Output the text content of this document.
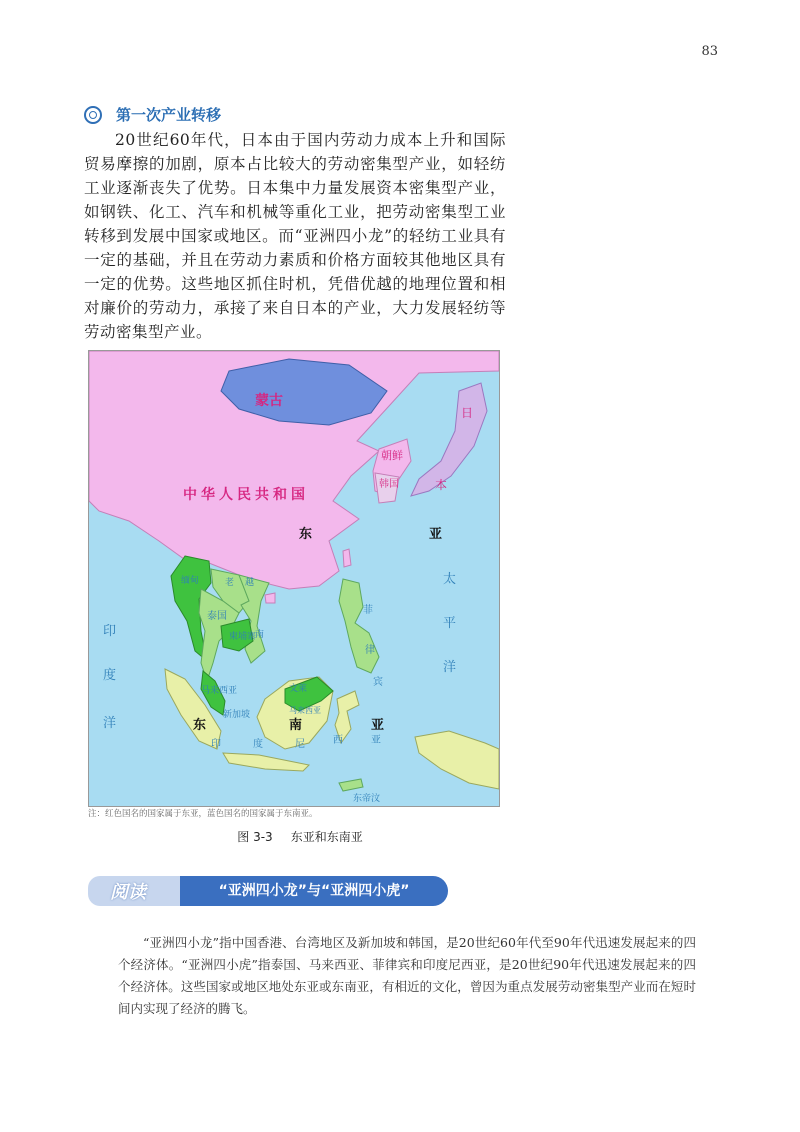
83
第一次产业转移

20世纪60年代，日本由于国内劳动力成本上升和国际贸易摩擦的加剧，原本占比较大的劳动密集型产业，如轻纺工业逐渐丧失了优势。日本集中力量发展资本密集型产业，如钢铁、化工、汽车和机械等重化工业，把劳动密集型工业转移到发展中国家或地区。而“亚洲四小龙”的轻纺工业具有一定的基础，并且在劳动力素质和价格方面较其他地区具有一定的优势。这些地区抓住时机，凭借优越的地理位置和相对廉价的劳动力，承接了来自日本的产业，大力发展轻纺等劳动密集型产业。

蒙古
中华人民共和国
日
本
朝鲜
韩国
东	亚
缅甸	老 越
南
泰国
柬埔寨
菲
律
宾
马来西亚	文莱
新加坡	马来西亚
印	度	尼	西	亚
东	南	亚
东帝汶
太
平
洋
印
度
洋
注：红色国名的国家属于东亚，蓝色国名的国家属于东南亚。
图 3-3 东亚和东南亚
阅读	“亚洲四小龙”与“亚洲四小虎”

“亚洲四小龙”指中国香港、台湾地区及新加坡和韩国，是20世纪60年代至90年代迅速发展起来的四个经济体。“亚洲四小虎”指泰国、马来西亚、菲律宾和印度尼西亚，是20世纪90年代迅速发展起来的四个经济体。这些国家或地区地处东亚或东南亚，有相近的文化，曾因为重点发展劳动密集型产业而在短时间内实现了经济的腾飞。
